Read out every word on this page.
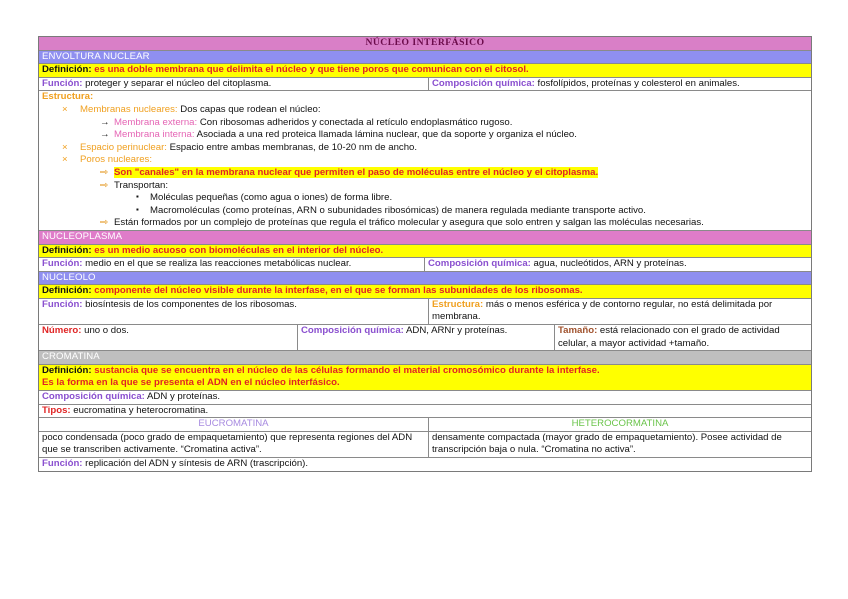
NÚCLEO INTERFÁSICO
ENVOLTURA NUCLEAR
Definición: es una doble membrana que delimita el núcleo y que tiene poros que comunican con el citosol.
Función: proteger y separar el núcleo del citoplasma.	Composición química: fosfolípidos, proteínas y colesterol en animales.
Estructura:
× Membranas nucleares: Dos capas que rodean el núcleo:
→ Membrana externa: Con ribosomas adheridos y conectada al retículo endoplasmático rugoso.
→ Membrana interna: Asociada a una red proteica llamada lámina nuclear, que da soporte y organiza el núcleo.
× Espacio perinuclear: Espacio entre ambas membranas, de 10-20 nm de ancho.
× Poros nucleares:
⇨ Son "canales" en la membrana nuclear que permiten el paso de moléculas entre el núcleo y el citoplasma.
⇨ Transportan:
▪ Moléculas pequeñas (como agua o iones) de forma libre.
▪ Macromoléculas (como proteínas, ARN o subunidades ribosómicas) de manera regulada mediante transporte activo.
⇨ Están formados por un complejo de proteínas que regula el tráfico molecular y asegura que solo entren y salgan las moléculas necesarias.
NUCLEOPLASMA
Definición: es un medio acuoso con biomoléculas en el interior del núcleo.
Función: medio en el que se realiza las reacciones metabólicas nuclear.	Composición química: agua, nucleótidos, ARN y proteínas.
NUCLEOLO
Definición: componente del núcleo visible durante la interfase, en el que se forman las subunidades de los ribosomas.
Función: biosíntesis de los componentes de los ribosomas.	Estructura: más o menos esférica y de contorno regular, no está delimitada por membrana.
Número: uno o dos.	Composición química: ADN, ARNr y proteínas.	Tamaño: está relacionado con el grado de actividad celular, a mayor actividad +tamaño.
CROMATINA
Definición: sustancia que se encuentra en el núcleo de las células formando el material cromosómico durante la interfase.
Es la forma en la que se presenta el ADN en el núcleo interfásico.
Composición química: ADN y proteínas.
Tipos: eucromatina y heterocromatina.
EUCROMATINA	HETEROCORMATINA
poco condensada (poco grado de empaquetamiento) que representa regiones del ADN que se transcriben activamente. “Cromatina activa”.
densamente compactada (mayor grado de empaquetamiento). Posee actividad de transcripción baja o nula. “Cromatina no activa”.
Función: replicación del ADN y síntesis de ARN (trascripción).
